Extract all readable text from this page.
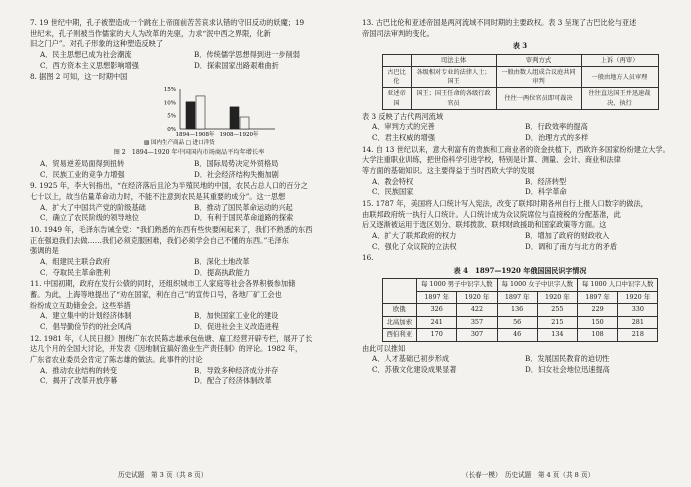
7. 19 世纪中期，孔子被塑造成一个跳在上帝面前苦苦哀求认错的守旧反动的妖魔；19

世纪末，孔子则被当作儒家的大人为改革的先驱，力求“泯中西之界限，化新

旧之门户”。对孔子形象的这种塑造反映了

A．民主思想已成为社会潮流	B．传统儒学思想得到进一步削弱
C．西方资本主义思想影响增强	D．探索国家出路艰难曲折

8. 据图 2 可知，这一时期中国

15%
10%
5%
0%
1894—1908年 1908—1920年
▨ 国内生产商品 □ 进口洋货
图 2　1894—1920 年中国国内市场商品平均年增长率
A．贸易逆差局面得到扭转	B．国际局势决定外贸格局
C．民族工业的竞争力增强	D．社会经济结构失衡加剧

9. 1925 年，李大钊指出，“在经济落后且沦为半殖民地的中国，农民占总人口的百分之

七十以上，故当估量革命动力时，不能不注意到农民是其重要的成分”。这一思想

A．扩大了中国共产党的阶级基础	B．推动了国民革命运动的兴起
C．确立了农民阶级的领导地位	D．有利于国民革命道路的探索

10. 1949 年，毛泽东告诫全党：“我们熟悉的东西有些快要闲起来了，我们不熟悉的东西

正在强迫我们去做……我们必须克服困难，我们必须学会自己不懂的东西。”毛泽东

强调的是

A．组建民主联合政府	B．深化土地改革
C．夺取民主革命胜利	D．提高执政能力

11. 中国初期，政府在发行公债的同时，还组织城市工人家庭等社会各界积极参加储

蓄。为此，上海等地提出了“劝在国家，利在自己”的宣传口号，各地厂矿工会也

纷纷成立互助储金会。这些举措

A．建立集中的计划经济体制	B．加快国家工业化的建设
C．倡导勤俭节约的社会风尚	D．促进社会主义改造进程

12. 1981 年，《人民日报》围绕广东农民陈志雄承包鱼塘、雇工经营开辟专栏，展开了长

达几个月的全国大讨论，并发表《因地制宜搞好渔业生产责任制》的评论。1982 年，

广东省农业委员会肯定了陈志雄的做法。此事件的讨论

A．推动农业结构的转变	B．导致多种经济成分并存
C．揭开了改革开放序幕	D．配合了经济体制改革

13. 古巴比伦和亚述帝国是两河流域不同时期的主要政权。表 3 呈现了古巴比伦与亚述

帝国司法审判的变化。

表 3
	司法主体	审判方式	上诉（再审）
古巴比伦	各级相对专业的法律人士；国王	一般由数人组成合议庭共同审判	一般由地方人员审理
亚述帝国	国王；国王任命的各级行政官员	往往一两位官员即可裁决	往往直达国王并迅速裁决、执行

表 3 反映了古代两河流域

A．审判方式的完善	B．行政效率的提高
C．君主权威的增强	D．治理方式的多样

14. 自 13 世纪以来，意大利富有的贵族和工商业者的资金扶植下，西欧许多国家纷纷建立大学。

大学注重职业训练，把世俗科学引进学校，特别是计算、测量、会计、商业和法律

等方面的基础知识。这主要得益于当时西欧大学的发展

A．教会特权	B．经济转型
C．民族国家	D．科学革命

15. 1787 年，美国将人口统计写入宪法，改变了联邦时期各州自行上报人口数字的做法，

由联邦政府统一执行人口统计。人口统计成为众议院席位与直接税的分配基准，此

后又逐渐被运用于选区划分、联邦拨款、联邦财政援助和国家政策等方面。这

A．扩大了联邦政府的权力	B．增加了政府的财政收入
C．强化了众议院的立法权	D．调和了南方与北方的矛盾

16.

表 4　1897—1920 年俄国国民识字情况
	每 1000 男子中识字人数		每 1000 女子中识字人数		每 1000 人口中识字人数	
	1897 年	1920 年	1897 年	1920 年	1897 年	1920 年
欧俄	326	422	136	255	229	330
北高加索	241	357	56	215	150	281
西伯利亚	170	307	46	134	108	218

由此可以推知

A．人才基础已初步形成	B．发展国民教育的迫切性
C．苏俄文化建设成果显著	D．妇女社会地位迅速提高
历史试题　第 3 页（共 8 页）	（长春一模）　历史试题　第 4 页（共 8 页）
